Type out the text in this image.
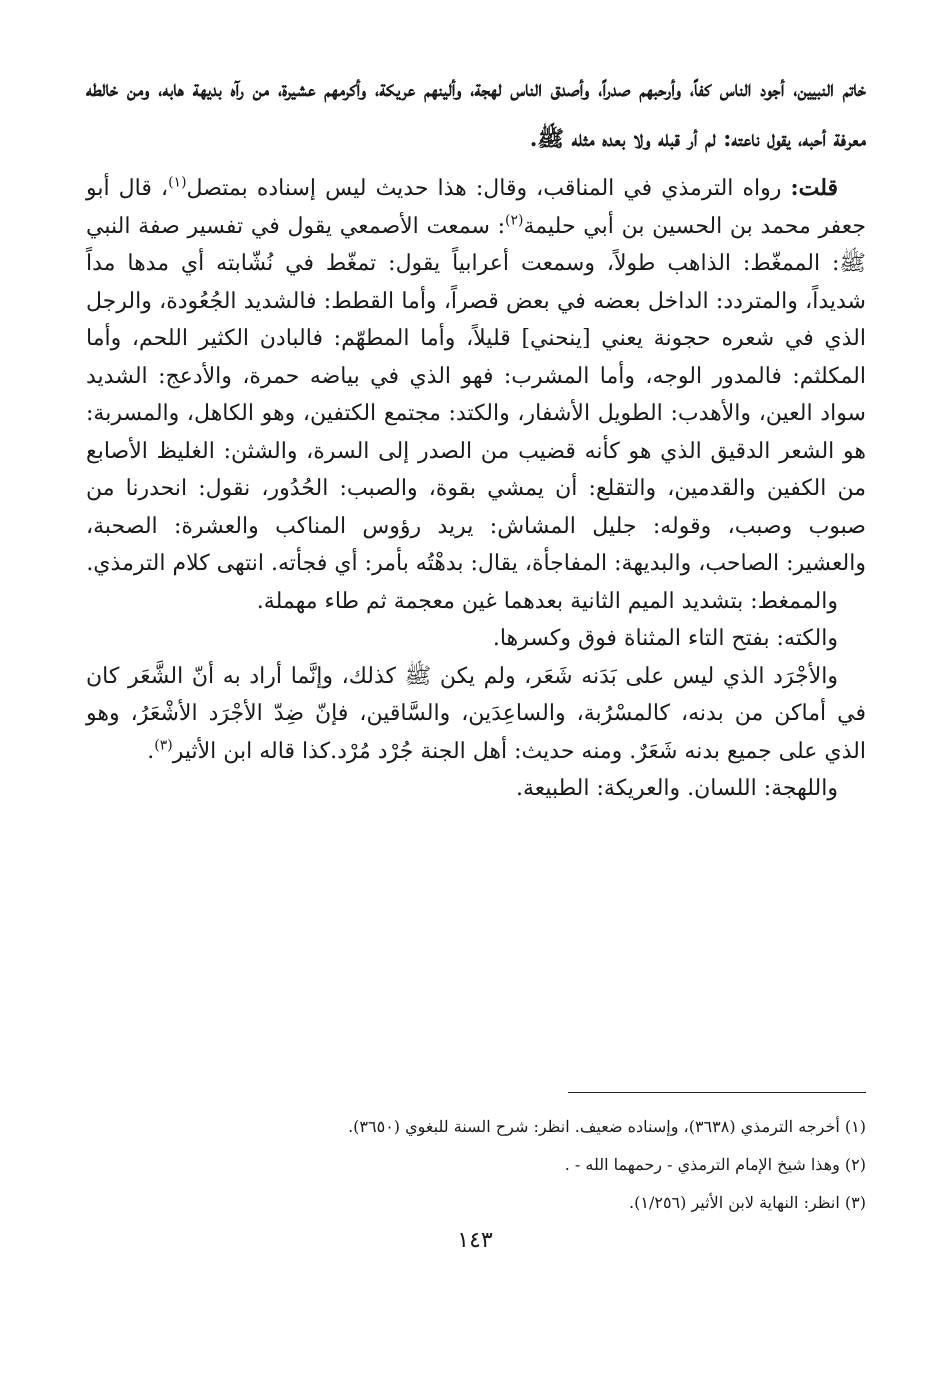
خاتم النبيين، أجود الناس كفاً، وأرحبهم صدراً، وأصدق الناس لهجة، وألينهم عريكة، وأكرمهم عشيرة، من رآه بديهة هابه، ومن خالطه معرفة أحبه، يقول ناعته: لم أر قبله ولا بعده مثله ﷺ.

قلت: رواه الترمذي في المناقب، وقال: هذا حديث ليس إسناده بمتصل$^{(١)}$، قال أبو جعفر محمد بن الحسين بن أبي حليمة$^{(٢)}$: سمعت الأصمعي يقول في تفسير صفة النبي ﷺ: الممغّط: الذاهب طولاً، وسمعت أعرابياً يقول: تمغّط في نُشّابته أي مدها مداً شديداً، والمتردد: الداخل بعضه في بعض قصراً، وأما القطط: فالشديد الجُعُودة، والرجل الذي في شعره حجونة يعني [ينحني] قليلاً، وأما المطهّم: فالبادن الكثير اللحم، وأما المكلثم: فالمدور الوجه، وأما المشرب: فهو الذي في بياضه حمرة، والأدعج: الشديد سواد العين، والأهدب: الطويل الأشفار، والكتد: مجتمع الكتفين، وهو الكاهل، والمسربة: هو الشعر الدقيق الذي هو كأنه قضيب من الصدر إلى السرة، والشثن: الغليظ الأصابع من الكفين والقدمين، والتقلع: أن يمشي بقوة، والصبب: الحُدُور، نقول: انحدرنا من صبوب وصبب، وقوله: جليل المشاش: يريد رؤوس المناكب والعشرة: الصحبة، والعشير: الصاحب، والبديهة: المفاجأة، يقال: بدهْتُه بأمر: أي فجأته. انتهى كلام الترمذي.

والممغط: بتشديد الميم الثانية بعدهما غين معجمة ثم طاء مهملة.

والكته: بفتح التاء المثناة فوق وكسرها.

والأجْرَد الذي ليس على بَدَنه شَعَر، ولم يكن ﷺ كذلك، وإنَّما أراد به أنّ الشَّعَر كان في أماكن من بدنه، كالمسْرُبة، والساعِدَين، والسَّاقين، فإنّ ضِدّ الأجْرَد الأشْعَرُ، وهو الذي على جميع بدنه شَعَرٌ. ومنه حديث: أهل الجنة جُرْد مُرْد.كذا قاله ابن الأثير$^{(٣)}$.

واللهجة: اللسان. والعريكة: الطبيعة.

(١) أخرجه الترمذي (٣٦٣٨)، وإسناده ضعيف. انظر: شرح السنة للبغوي (٣٦٥٠).

(٢) وهذا شيخ الإمام الترمذي - رحمهما الله - .

(٣) انظر: النهاية لابن الأثير (١/٢٥٦).

١٤٣
